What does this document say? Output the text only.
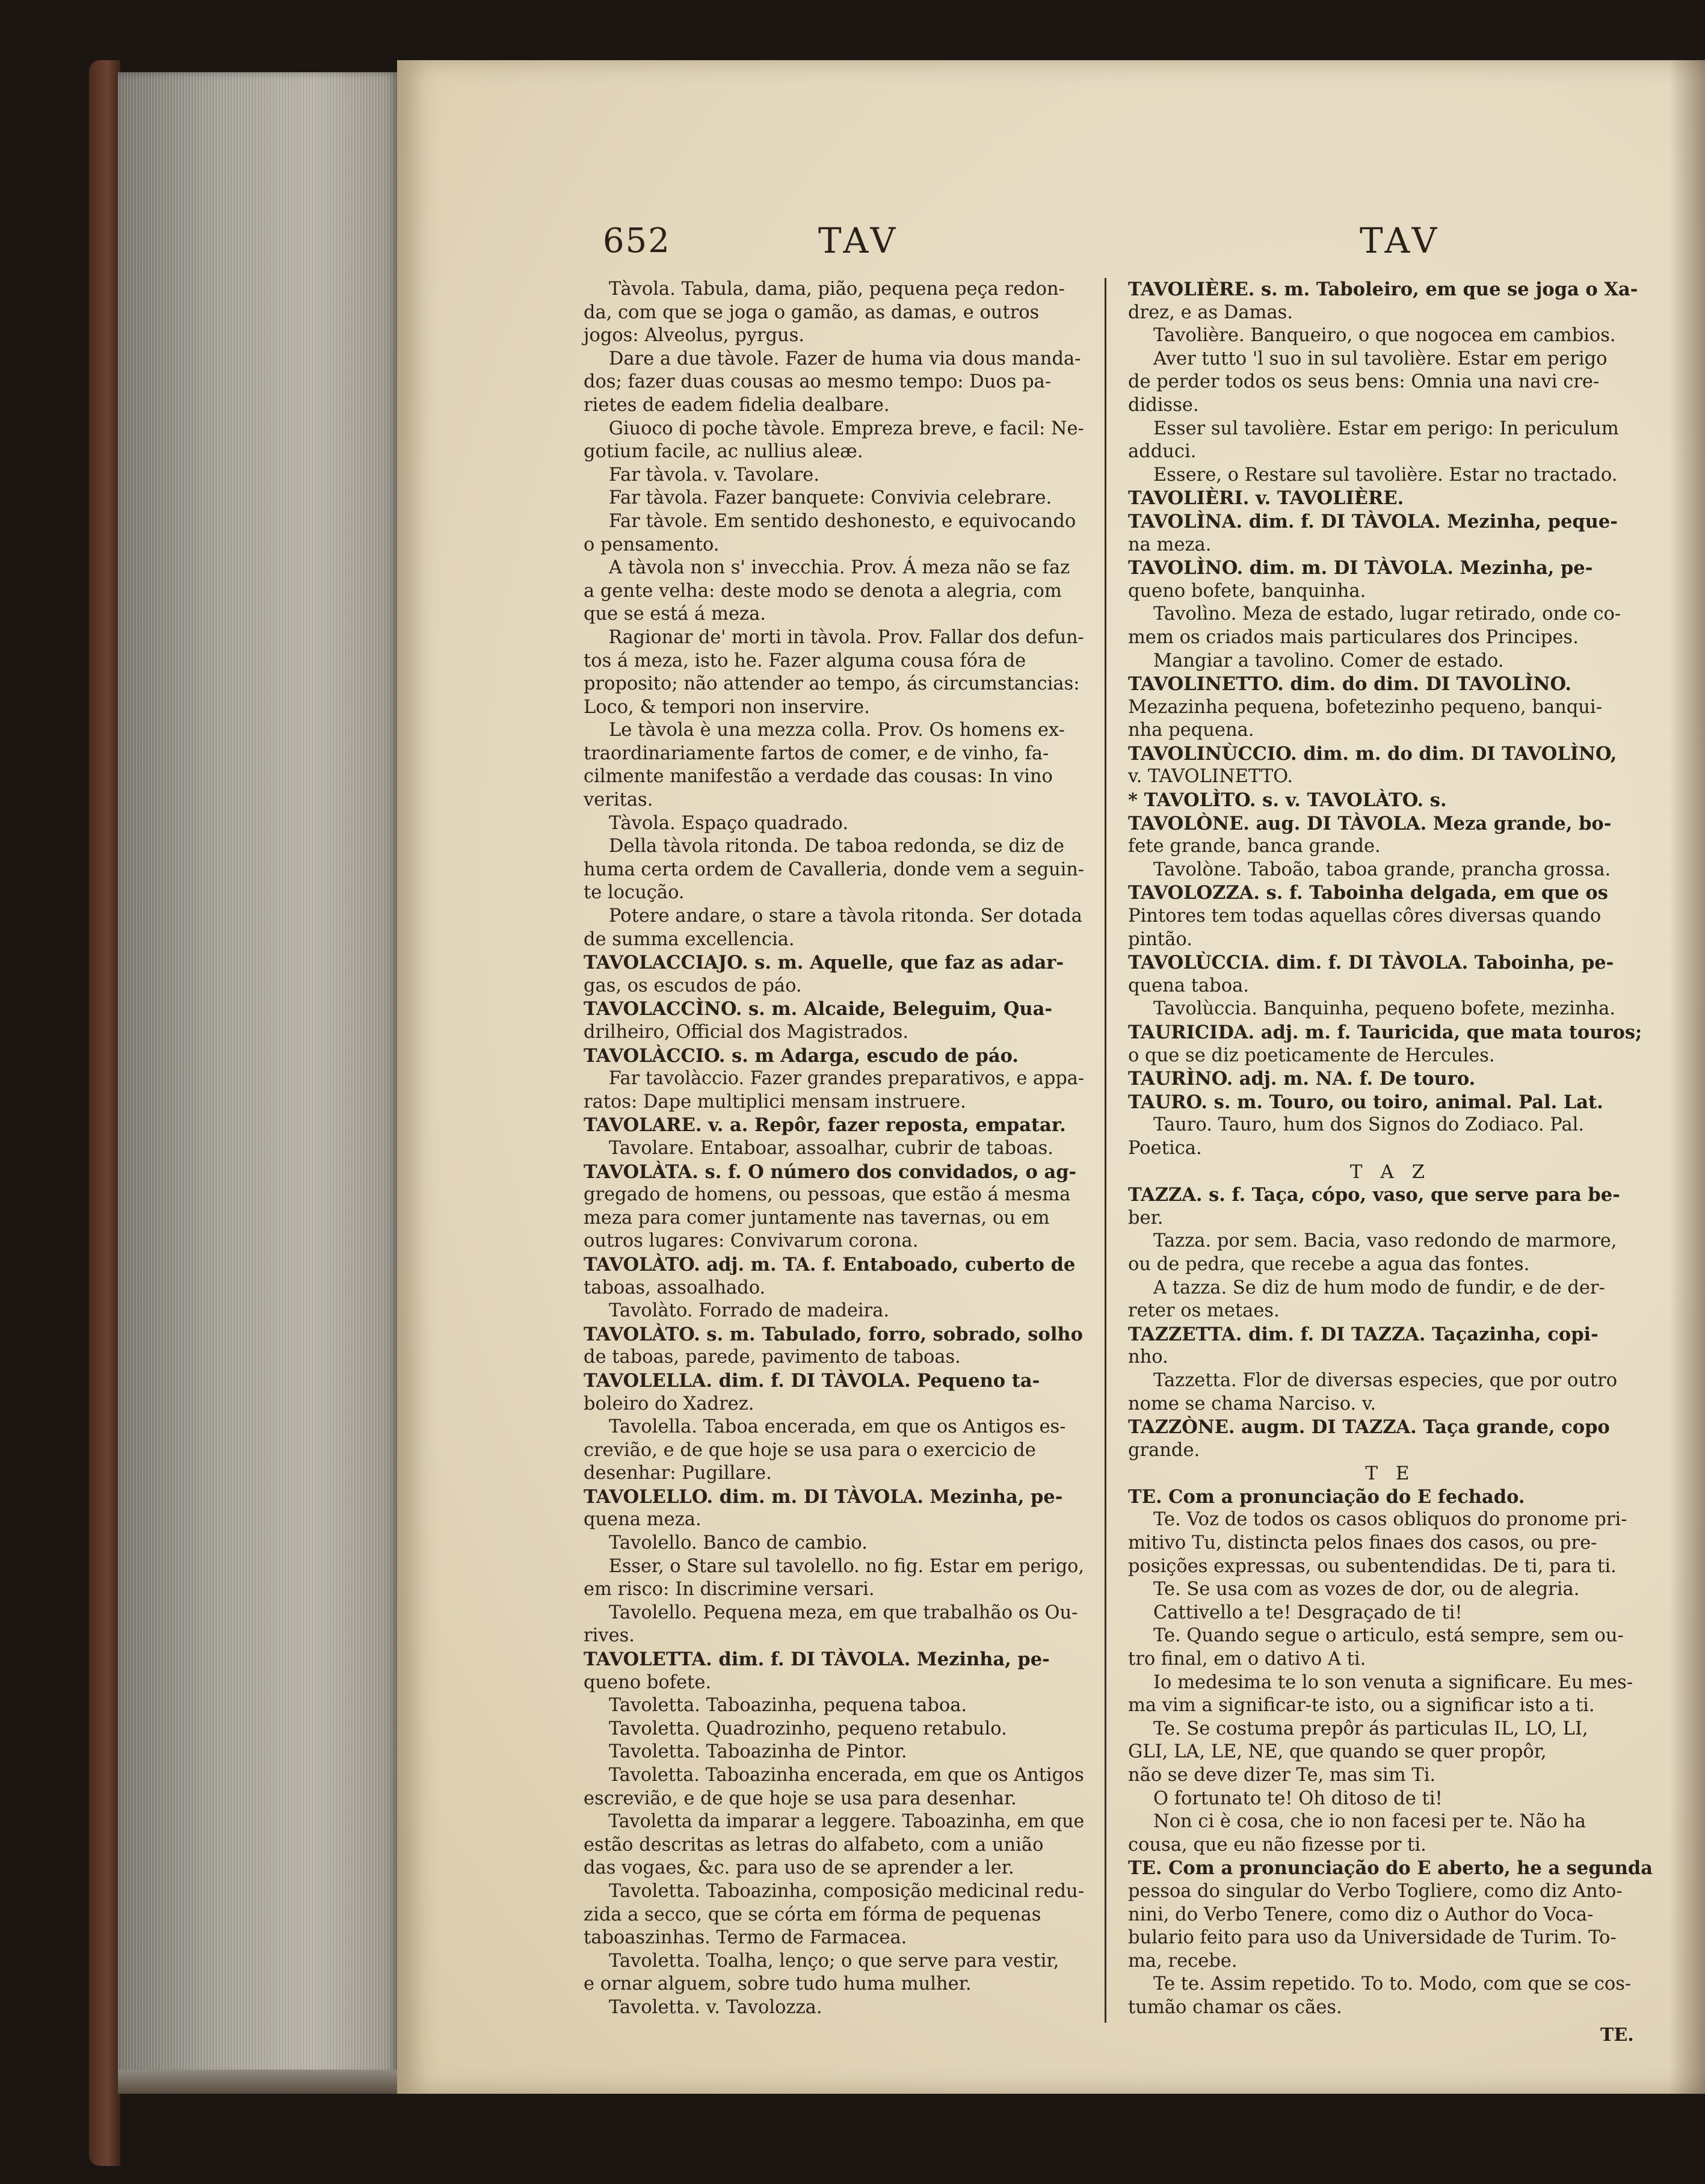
652	TAV	TAV
Tàvola. Tabula, dama, pião, pequena peça redon-
da, com que se joga o gamão, as damas, e outros
jogos: Alveolus, pyrgus.
Dare a due tàvole. Fazer de huma via dous manda-
dos; fazer duas cousas ao mesmo tempo: Duos pa-
rietes de eadem fidelia dealbare.
Giuoco di poche tàvole. Empreza breve, e facil: Ne-
gotium facile, ac nullius aleæ.
Far tàvola. v. Tavolare.
Far tàvola. Fazer banquete: Convivia celebrare.
Far tàvole. Em sentido deshonesto, e equivocando
o pensamento.
A tàvola non s' invecchia. Prov. Á meza não se faz
a gente velha: deste modo se denota a alegria, com
que se está á meza.
Ragionar de' morti in tàvola. Prov. Fallar dos defun-
tos á meza, isto he. Fazer alguma cousa fóra de
proposito; não attender ao tempo, ás circumstancias:
Loco, & tempori non inservire.
Le tàvola è una mezza colla. Prov. Os homens ex-
traordinariamente fartos de comer, e de vinho, fa-
cilmente manifestão a verdade das cousas: In vino
veritas.
Tàvola. Espaço quadrado.
Della tàvola ritonda. De taboa redonda, se diz de
huma certa ordem de Cavalleria, donde vem a seguin-
te locução.
Potere andare, o stare a tàvola ritonda. Ser dotada
de summa excellencia.
TAVOLACCIAJO. s. m. Aquelle, que faz as adar-
gas, os escudos de páo.
TAVOLACCÌNO. s. m. Alcaide, Beleguim, Qua-
drilheiro, Official dos Magistrados.
TAVOLÀCCIO. s. m Adarga, escudo de páo.
Far tavolàccio. Fazer grandes preparativos, e appa-
ratos: Dape multiplici mensam instruere.
TAVOLARE. v. a. Repôr, fazer reposta, empatar.
Tavolare. Entaboar, assoalhar, cubrir de taboas.
TAVOLÀTA. s. f. O número dos convidados, o ag-
gregado de homens, ou pessoas, que estão á mesma
meza para comer juntamente nas tavernas, ou em
outros lugares: Convivarum corona.
TAVOLÀTO. adj. m. TA. f. Entaboado, cuberto de
taboas, assoalhado.
Tavolàto. Forrado de madeira.
TAVOLÀTO. s. m. Tabulado, forro, sobrado, solho
de taboas, parede, pavimento de taboas.
TAVOLELLA. dim. f. DI TÀVOLA. Pequeno ta-
boleiro do Xadrez.
Tavolella. Taboa encerada, em que os Antigos es-
crevião, e de que hoje se usa para o exercicio de
desenhar: Pugillare.
TAVOLELLO. dim. m. DI TÀVOLA. Mezinha, pe-
quena meza.
Tavolello. Banco de cambio.
Esser, o Stare sul tavolello. no fig. Estar em perigo,
em risco: In discrimine versari.
Tavolello. Pequena meza, em que trabalhão os Ou-
rives.
TAVOLETTA. dim. f. DI TÀVOLA. Mezinha, pe-
queno bofete.
Tavoletta. Taboazinha, pequena taboa.
Tavoletta. Quadrozinho, pequeno retabulo.
Tavoletta. Taboazinha de Pintor.
Tavoletta. Taboazinha encerada, em que os Antigos
escrevião, e de que hoje se usa para desenhar.
Tavoletta da imparar a leggere. Taboazinha, em que
estão descritas as letras do alfabeto, com a união
das vogaes, &c. para uso de se aprender a ler.
Tavoletta. Taboazinha, composição medicinal redu-
zida a secco, que se córta em fórma de pequenas
taboaszinhas. Termo de Farmacea.
Tavoletta. Toalha, lenço; o que serve para vestir,
e ornar alguem, sobre tudo huma mulher.
Tavoletta. v. Tavolozza.
TAVOLIÈRE. s. m. Taboleiro, em que se joga o Xa-
drez, e as Damas.
Tavolière. Banqueiro, o que nogocea em cambios.
Aver tutto 'l suo in sul tavolière. Estar em perigo
de perder todos os seus bens: Omnia una navi cre-
didisse.
Esser sul tavolière. Estar em perigo: In periculum
adduci.
Essere, o Restare sul tavolière. Estar no tractado.
TAVOLIÈRI. v. TAVOLIÈRE.
TAVOLÌNA. dim. f. DI TÀVOLA. Mezinha, peque-
na meza.
TAVOLÌNO. dim. m. DI TÀVOLA. Mezinha, pe-
queno bofete, banquinha.
Tavolìno. Meza de estado, lugar retirado, onde co-
mem os criados mais particulares dos Principes.
Mangiar a tavolino. Comer de estado.
TAVOLINETTO. dim. do dim. DI TAVOLÌNO.
Mezazinha pequena, bofetezinho pequeno, banqui-
nha pequena.
TAVOLINÙCCIO. dim. m. do dim. DI TAVOLÌNO,
v. TAVOLINETTO.
* TAVOLÌTO. s. v. TAVOLÀTO. s.
TAVOLÒNE. aug. DI TÀVOLA. Meza grande, bo-
fete grande, banca grande.
Tavolòne. Taboão, taboa grande, prancha grossa.
TAVOLOZZA. s. f. Taboinha delgada, em que os
Pintores tem todas aquellas côres diversas quando
pintão.
TAVOLÙCCIA. dim. f. DI TÀVOLA. Taboinha, pe-
quena taboa.
Tavolùccia. Banquinha, pequeno bofete, mezinha.
TAURICIDA. adj. m. f. Tauricida, que mata touros;
o que se diz poeticamente de Hercules.
TAURÌNO. adj. m. NA. f. De touro.
TAURO. s. m. Touro, ou toiro, animal. Pal. Lat.
Tauro. Tauro, hum dos Signos do Zodiaco. Pal.
Poetica.
T A Z
TAZZA. s. f. Taça, cópo, vaso, que serve para be-
ber.
Tazza. por sem. Bacia, vaso redondo de marmore,
ou de pedra, que recebe a agua das fontes.
A tazza. Se diz de hum modo de fundir, e de der-
reter os metaes.
TAZZETTA. dim. f. DI TAZZA. Taçazinha, copi-
nho.
Tazzetta. Flor de diversas especies, que por outro
nome se chama Narciso. v.
TAZZÒNE. augm. DI TAZZA. Taça grande, copo
grande.
T E
TE. Com a pronunciação do E fechado.
Te. Voz de todos os casos obliquos do pronome pri-
mitivo Tu, distincta pelos finaes dos casos, ou pre-
posições expressas, ou subentendidas. De ti, para ti.
Te. Se usa com as vozes de dor, ou de alegria.
Cattivello a te! Desgraçado de ti!
Te. Quando segue o articulo, está sempre, sem ou-
tro final, em o dativo A ti.
Io medesima te lo son venuta a significare. Eu mes-
ma vim a significar-te isto, ou a significar isto a ti.
Te. Se costuma prepôr ás particulas IL, LO, LI,
GLI, LA, LE, NE, que quando se quer propôr,
não se deve dizer Te, mas sim Ti.
O fortunato te! Oh ditoso de ti!
Non ci è cosa, che io non facesi per te. Não ha
cousa, que eu não fizesse por ti.
TE. Com a pronunciação do E aberto, he a segunda
pessoa do singular do Verbo Togliere, como diz Anto-
nini, do Verbo Tenere, como diz o Author do Voca-
bulario feito para uso da Universidade de Turim. To-
ma, recebe.
Te te. Assim repetido. To to. Modo, com que se cos-
tumão chamar os cães.
TE.
